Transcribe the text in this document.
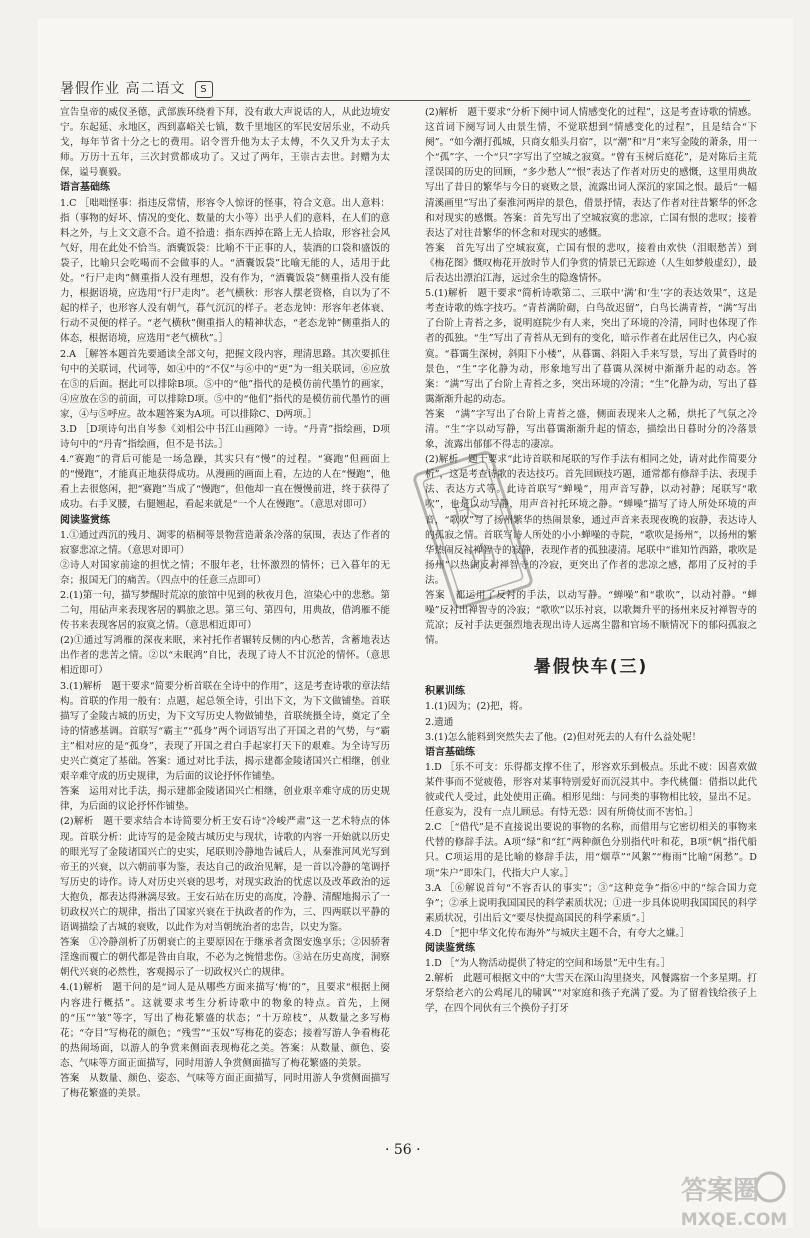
暑假作业 高二语文 S

宣告皇帝的威仪圣德，武部族环绕着下拜，没有敢大声说话的人，从此边境安宁。东起延、永地区，西到嘉峪关七镇，数千里地区的军民安居乐业，不动兵戈，每年节省十分之七的费用。诏令晋升他为太子太傅，不久又升为太子太师。万历十五年，三次封赏都成功了。又过了两年，王崇古去世。封赠为太保，谥号襄毅。

语言基础练

1.C ［咄咄怪事：指违反常情，形容令人惊讶的怪事，符合文意。出人意料：指（事物的好坏、情况的变化、数量的大小等）出乎人们的意料，在人们的意料之外，与上文文意不合。道不拾遗：指东西掉在路上无人拾取，形容社会风气好，用在此处不恰当。酒囊饭袋：比喻不干正事的人，装酒的口袋和盛饭的袋子，比喻只会吃喝而不会做事的人。“酒囊饭袋”比喻无能的人，适用于此处。“行尸走肉”侧重指人没有理想，没有作为，“酒囊饭袋”侧重指人没有能力，根据语境，应选用“行尸走肉”。老气横秋：形容人摆老资格，自以为了不起的样子，也形容人没有朝气，暮气沉沉的样子。老态龙钟：形容年老体衰、行动不灵便的样子。“老气横秋”侧重指人的精神状态，“老态龙钟”侧重指人的体态，根据语境，应选用“老气横秋”。］

2.A ［解答本题首先要通读全部文句，把握文段内容，理清思路。其次要抓住句中的关联词，代词等，如④中的“不仅”与⑥中的“更”为一组关联词，⑥应放在⑤的后面。据此可以排除B项。⑤中的“他”指代的是模仿前代墨竹的画家，④应放在⑤的前面，可以排除D项。⑤中的“他们”指代的是模仿前代墨竹的画家，④与⑤呼应。故本题答案为A项。可以排除C、D两项。］

3.D ［D项诗句出自岑参《刘相公中书江山画障》一诗。“丹青”指绘画，D项诗句中的“丹青”指绘画，但不是书法。］

4.“赛跑”的背后可能是一场急躁，其实只有“慢”的过程。“赛跑”但画面上的“慢跑”，才能真正地获得成功。从漫画的画面上看，左边的人在“慢跑”，他看上去很悠闲，把“赛跑”当成了“慢跑”，但他却一直在慢慢前进，终于获得了成功。右手叉腰，右腿翘起，看起来就是“一个人在慢跑”。（意思对即可）

阅读鉴赏练

1.①通过西沉的残月、凋零的梧桐等景物营造萧条冷落的氛围，表达了作者的寂寥悲凉之情。（意思对即可）

②诗人对国家前途的担忧之情；不服年老，壮怀激烈的情怀；已入暮年的无奈；报国无门的痛苦。（四点中的任意三点即可）

2.(1)第一句，描写梦醒时荒凉的旅馆中见到的秋夜月色，渲染心中的悲愁。第二句，用砧声来表现客居的羁旅之思。第三句、第四句，用典故，借鸿雁不能传书来表现客居的寂寞之情。（意思相近即可）

(2)①通过写鸿雁的深夜来眠，来衬托作者辗转反侧的内心愁苦，含蓄地表达出作者的悲苦之情。②以“未眠鸿”自比，表现了诗人不甘沉沦的情怀。（意思相近即可）

3.(1)解析　题干要求“简要分析首联在全诗中的作用”，这是考查诗歌的章法结构。首联的作用一般有：点题，起总领全诗，引出下文，为下文做铺垫。首联描写了金陵古城的历史，为下文写历史人物做铺垫，首联统摄全诗，奠定了全诗的情感基调。首联写“霸主”“孤身”两个词语写出了开国之君的气势，与“霸主”相对应的是“孤身”，表现了开国之君白手起家打天下的艰难。为全诗写历史兴亡奠定了基础。答案：通过对比手法，揭示建都金陵诸国兴亡相继，创业艰辛难守成的历史规律，为后面的议论抒怀作铺垫。

答案　运用对比手法，揭示建都金陵诸国兴亡相继，创业艰辛难守成的历史规律，为后面的议论抒怀作铺垫。

(2)解析　题干要求结合本诗简要分析王安石诗“冷峻严肃”这一艺术特点的体现。首联分析：此诗写的是金陵古城历史与现状，诗歌的内容一开始就以历史的眼光写了金陵诸国兴亡的史实，尾联则冷静地告诫后人，从秦淮河风光写到帝王的兴衰，以六朝前事为鉴，表达自己的政治见解，是一首以冷静的笔调抒写历史的诗作。诗人对历史兴衰的思考，对现实政治的忧虑以及改革政治的远大抱负，都表达得淋漓尽致。王安石站在历史的高度，冷静、清醒地揭示了一切政权兴亡的规律，指出了国家兴衰在于执政者的作为，三、四两联以平静的语调描绘了古城的衰败，以此作为对当朝统治者的忠告，以史为鉴。

答案　①冷静剖析了历朝衰亡的主要原因在于继承者贪图安逸享乐；②因骄奢淫逸而覆亡的朝代都是咎由自取，不必为之惋惜悲伤。③站在历史高度，洞察朝代兴衰的必然性，客观揭示了一切政权兴亡的规律。

4.(1)解析　题干问的是“词人是从哪些方面来描写‘梅’的”，且要求“根据上阕内容进行概括”。这就要求考生分析诗歌中的物象的特点。首先，上阕的“压”“皱”等字，写出了梅花繁盛的状态；“十万琼枝”，从数量之多写梅花；“夺目”写梅花的颜色；“残雪”“玉奴”写梅花的姿态；接着写游人争看梅花的热闹场面，以游人的争赏来侧面表现梅花之美。答案：从数量、颜色、姿态、气味等方面正面描写，同时用游人争赏侧面描写了梅花繁盛的美景。

答案　从数量、颜色、姿态、气味等方面正面描写，同时用游人争赏侧面描写了梅花繁盛的美景。

(2)解析　题干要求“分析下阕中词人情感变化的过程”，这是考查诗歌的情感。这首词下阕写词人由景生情，不觉联想到“情感变化的过程”，且是结合“下阕”。“如今潮打孤城，只商女船头月宿”，以“潮”和“月”来写金陵的萧条，用一个“孤”字、一个“只”字写出了空城之寂寞。“曾有玉树后庭花”，是对陈后主荒淫误国的历史的回顾，“多少愁人”“恨”表达了作者对历史的感慨，这里用典故写出了昔日的繁华与今日的衰败之景，流露出词人深沉的家国之恨。最后“一幅清溪画里”写出了秦淮河两岸的景色，借景抒情，表达了作者对往昔繁华的怀念和对现实的感慨。答案：首先写出了空城寂寞的悲凉，亡国有恨的悲叹；接着表达了对往昔繁华的怀念和对现实的感慨。

答案　首先写出了空城寂寞，亡国有恨的悲叹，接着由欢快（泪眼愁苦）到《梅花图》慨叹梅花开放时节人们争赏的情景已无踪迹（人生如梦般虚幻），最后表达出漂泊江海，远过余生的隐逸情怀。

5.(1)解析　题干要求“简析诗歌第二、三联中‘满’和‘生’字的表达效果”，这是考查诗歌的炼字技巧。“青苔满阶砌，白鸟故迟留”，白鸟长满青苔，“满”写出了台阶上青苔之多，说明庭院少有人来，突出了环境的冷清，同时也体现了作者的孤独。“生”写出了青苔从无到有的变化，暗示作者在此居住已久，内心寂寞。“暮霭生深树，斜阳下小楼”，从暮霭、斜阳入手来写景，写出了黄昏时的景色，“生”字化静为动，形象地写出了暮霭从深树中渐渐升起的动态。答案：“满”写出了台阶上青苔之多，突出环境的冷清；“生”化静为动，写出了暮霭渐渐升起的动态。

答案　“满”字写出了台阶上青苔之盛，侧面表现来人之稀，烘托了气氛之冷清。“生”字以动写静，写出暮霭渐渐升起的情态，描绘出日暮时分的冷落景象，流露出郁郁不得志的凄凉。

(2)解析　题干要求“此诗首联和尾联的写作手法有相同之处，请对此作简要分析”，这是考查诗歌的表达技巧。首先回顾技巧题，通常都有修辞手法、表现手法、表达方式等。此诗首联写“蝉噪”，用声音写静，以动衬静；尾联写“歌吹”，也是以动写静，用声音衬托环境之静。“蝉噪”描写了诗人所处环境的声音，“歌吹”写了扬州繁华的热闹景象，通过声音来表现夜晚的寂静，表达诗人的孤寂之情。首联写诗人所处的小小蝉噪的寺院，“歌吹是扬州”，以扬州的繁华热闹反衬禅智寺的寂静，表现作者的孤独凄清。尾联中“谁知竹西路，歌吹是扬州”以热闹反衬禅智寺的冷寂，更突出了作者的悲凉之感，都用了反衬的手法。

答案　都运用了反衬的手法，以动写静。“蝉噪”和“歌吹”，以动衬静。“蝉噪”反衬出禅智寺的冷寂；“歌吹”以乐衬哀，以歌舞升平的扬州来反衬禅智寺的荒凉；反衬手法更强烈地表现出诗人远离尘嚣和官场不顺情况下的郁闷孤寂之情。

暑假快车(三)

积累训练

1.(1)因为；(2)把，将。

2.遗通

3.(1)怎么能料到突然失去了他。(2)但对死去的人有什么益处呢！

语言基础练

1.D ［乐不可支：乐得都支撑不住了，形容欢乐到极点。乐此不疲：因喜欢做某件事而不觉疲倦，形容对某事特别爱好而沉浸其中。李代桃僵：借指以此代彼或代人受过，此处使用正确。相形见绌：与同类的事物相比较，显出不足。任意妄为，没有一点儿顾忌。有恃无恐：因有所倚仗而不害怕。］

2.C ［“借代”是不直接说出要说的事物的名称，而借用与它密切相关的事物来代替的修辞手法。A项“绿”和“红”两种颜色分别指代叶和花，B项“帆”指代船只。C项运用的是比喻的修辞手法，用“烟草”“风絮”“梅雨”比喻“闲愁”。D项“朱户”即朱门，代指大户人家。］

3.A ［⑥解说首句“不容否认的事实”；③“这种竞争”指⑥中的“综合国力竞争”；②承上说明我国国民的科学素质状况；①进一步具体说明我国国民的科学素质状况，引出后文“要尽快提高国民的科学素质”。］

4.D ［“把中华文化传布海外”与城庆主题不合，有夸大之嫌。］

阅读鉴赏练

1.D ［“为人物活动提供了特定的空间和场景”无中生有。］

2.解析　此题可根据文中的“大雪天在深山沟里挠夹，风餐露宿一个多星期。打牙祭给老六的公鸡尾儿的啸讽”“对家庭和孩子充满了爱。为了留着钱给孩子上学，在四个同伙有三个换份子打牙

庆
功
· 56 ·
答案圈
MXQE.COM
